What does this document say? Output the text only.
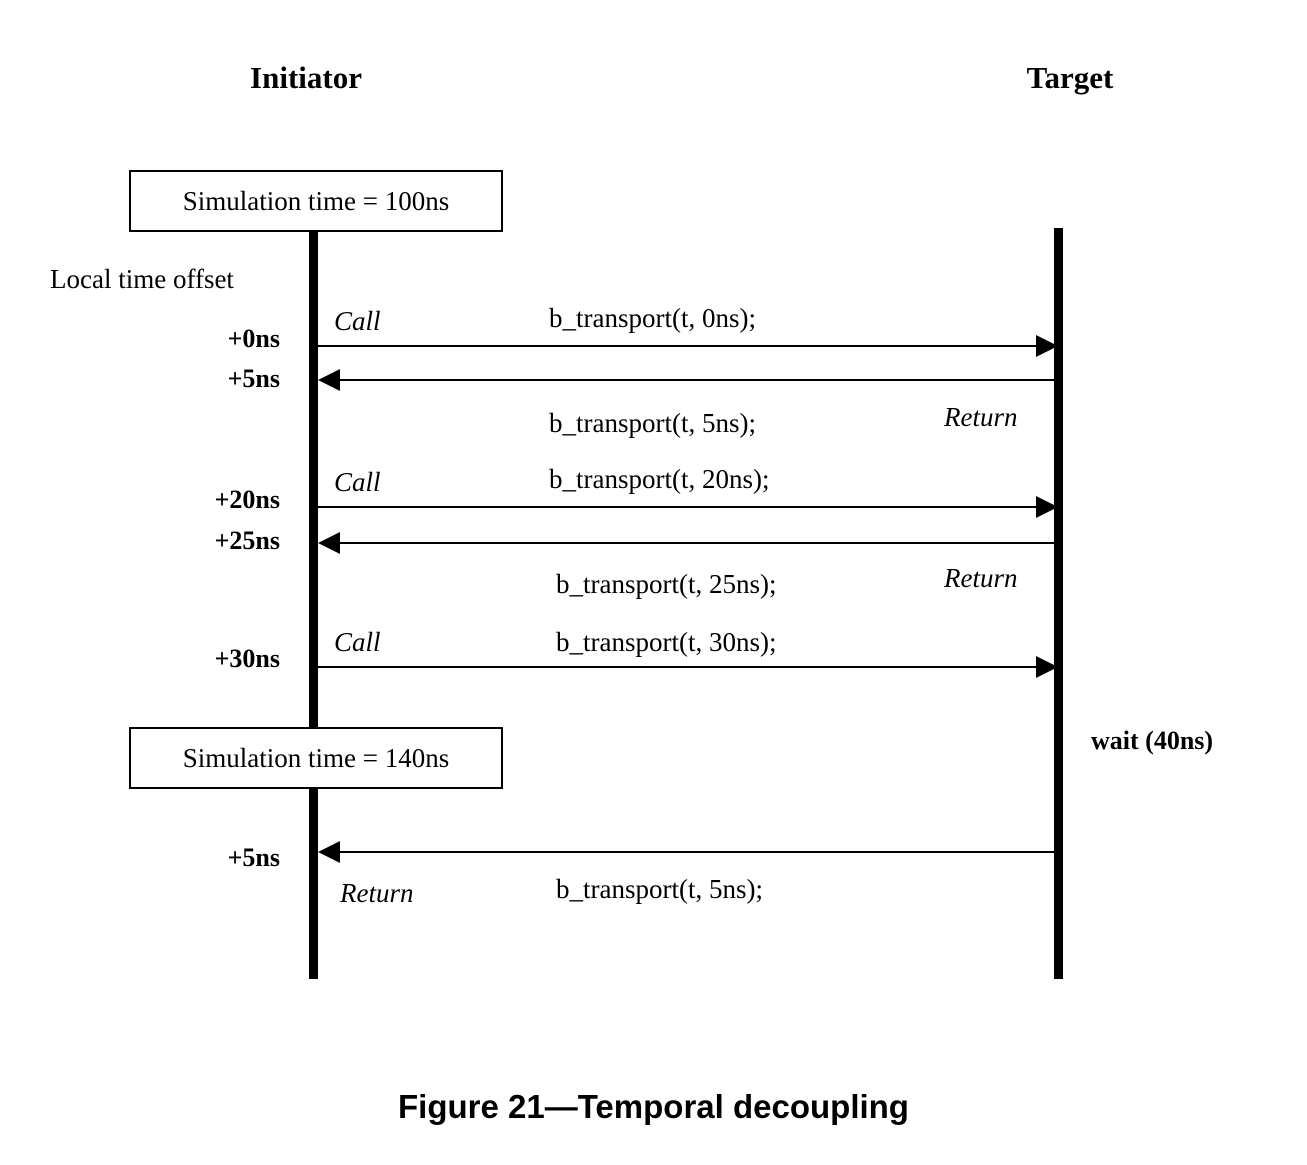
Initiator	Target
Simulation time = 100ns
Simulation time = 140ns
Local time offset
+0ns
+5ns
+20ns
+25ns
+30ns
+5ns
Call	b_transport(t, 0ns);
b_transport(t, 5ns);	Return
Call	b_transport(t, 20ns);
b_transport(t, 25ns);	Return
Call	b_transport(t, 30ns);
wait (40ns)
Return	b_transport(t, 5ns);
Figure 21—Temporal decoupling
